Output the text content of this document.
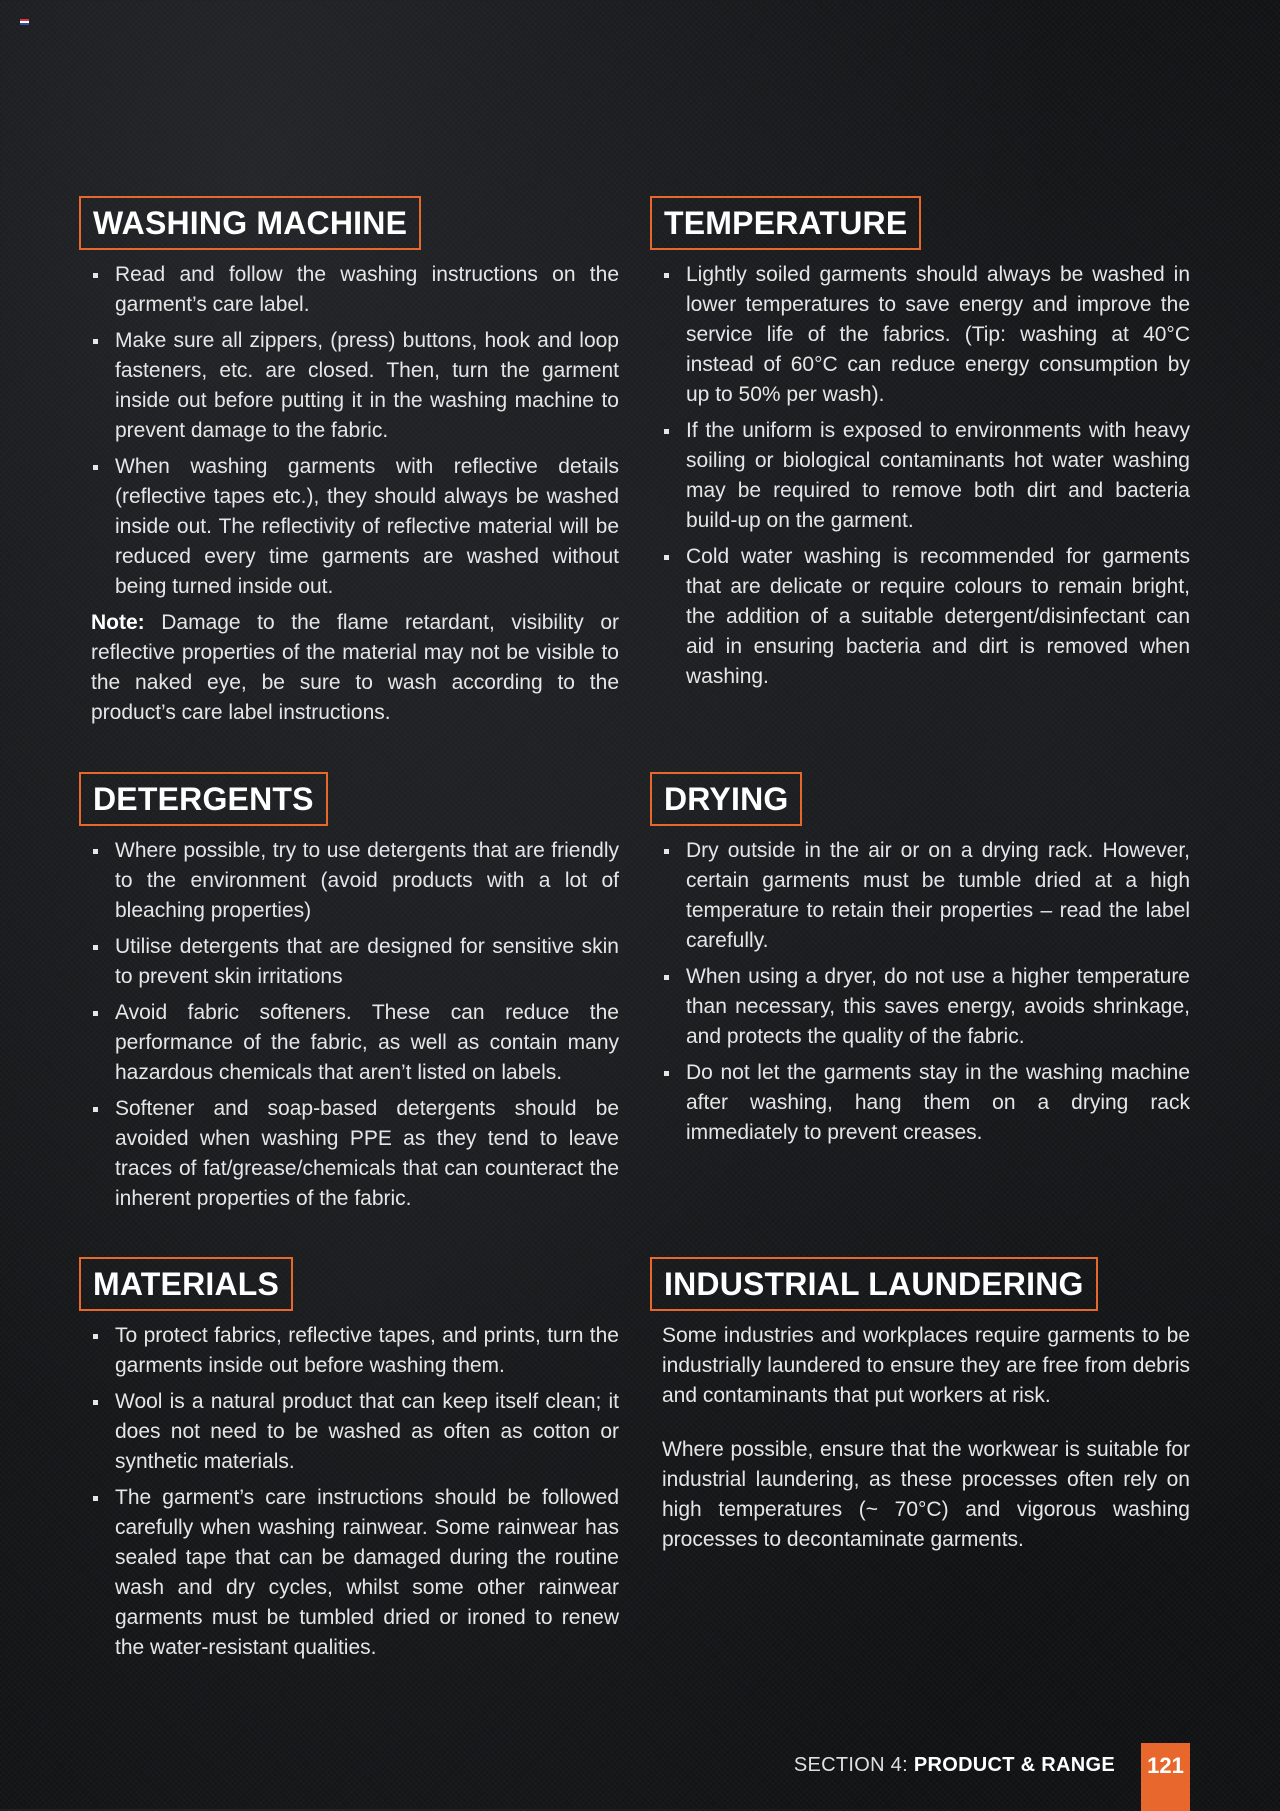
WASHING MACHINE
Read and follow the washing instructions on the garment’s care label.
Make sure all zippers, (press) buttons, hook and loop fasteners, etc. are closed. Then, turn the garment inside out before putting it in the washing machine to prevent damage to the fabric.
When washing garments with reflective details (reflective tapes etc.), they should always be washed inside out. The reflectivity of reflective material will be reduced every time garments are washed without being turned inside out.

Note: Damage to the flame retardant, visibility or reflective properties of the material may not be visible to the naked eye, be sure to wash according to the product’s care label instructions.

TEMPERATURE
Lightly soiled garments should always be washed in lower temperatures to save energy and improve the service life of the fabrics. (Tip: washing at 40°C instead of 60°C can reduce energy consumption by up to 50% per wash).
If the uniform is exposed to environments with heavy soiling or biological contaminants hot water washing may be required to remove both dirt and bacteria build-up on the garment.
Cold water washing is recommended for garments that are delicate or require colours to remain bright, the addition of a suitable detergent/disinfectant can aid in ensuring bacteria and dirt is removed when washing.
DETERGENTS
Where possible, try to use detergents that are friendly to the environment (avoid products with a lot of bleaching properties)
Utilise detergents that are designed for sensitive skin to prevent skin irritations
Avoid fabric softeners. These can reduce the performance of the fabric, as well as contain many hazardous chemicals that aren’t listed on labels.
Softener and soap-based detergents should be avoided when washing PPE as they tend to leave traces of fat/grease/chemicals that can counteract the inherent properties of the fabric.
DRYING
Dry outside in the air or on a drying rack. However, certain garments must be tumble dried at a high temperature to retain their properties – read the label carefully.
When using a dryer, do not use a higher temperature than necessary, this saves energy, avoids shrinkage, and protects the quality of the fabric.
Do not let the garments stay in the washing machine after washing, hang them on a drying rack immediately to prevent creases.
MATERIALS
To protect fabrics, reflective tapes, and prints, turn the garments inside out before washing them.
Wool is a natural product that can keep itself clean; it does not need to be washed as often as cotton or synthetic materials.
The garment’s care instructions should be followed carefully when washing rainwear. Some rainwear has sealed tape that can be damaged during the routine wash and dry cycles, whilst some other rainwear garments must be tumbled dried or ironed to renew the water-resistant qualities.
INDUSTRIAL LAUNDERING

Some industries and workplaces require garments to be industrially laundered to ensure they are free from debris and contaminants that put workers at risk.

Where possible, ensure that the workwear is suitable for industrial laundering, as these processes often rely on high temperatures (~ 70°C) and vigorous washing processes to decontaminate garments.

SECTION 4: PRODUCT & RANGE 121
